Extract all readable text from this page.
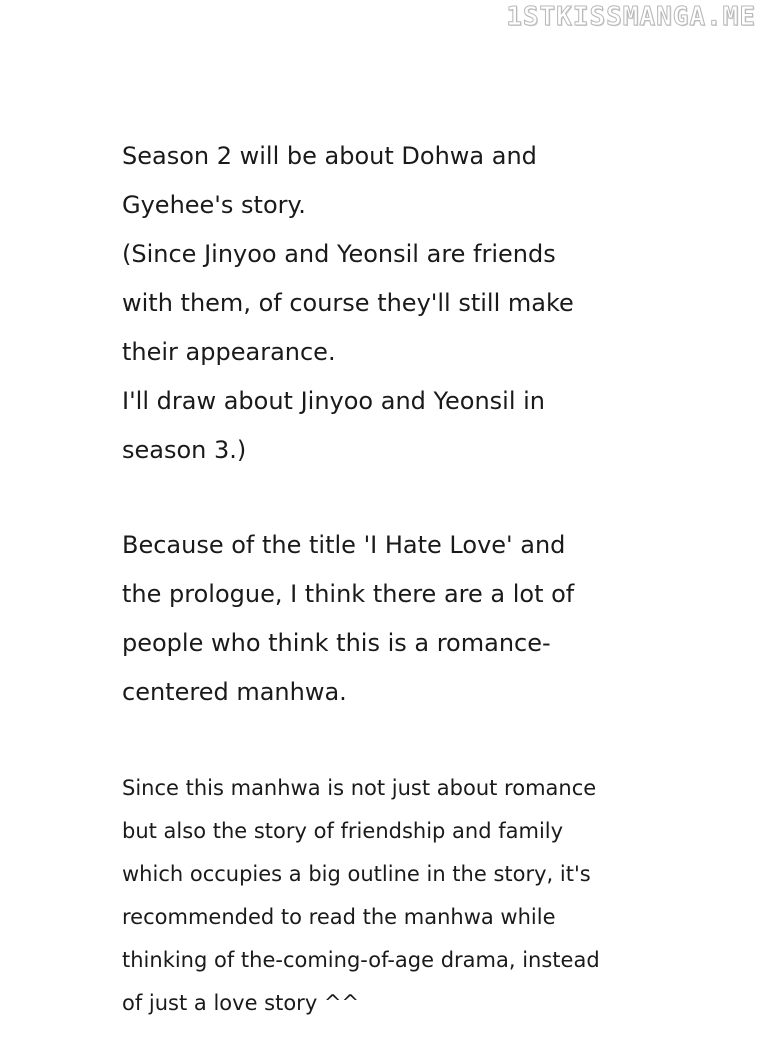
1STKISSMANGA.ME

Season 2 will be about Dohwa and
Gyehee's story.
(Since Jinyoo and Yeonsil are friends
with them, of course they'll still make
their appearance.
I'll draw about Jinyoo and Yeonsil in
season 3.)

Because of the title 'I Hate Love' and
the prologue, I think there are a lot of
people who think this is a romance-
centered manhwa.

Since this manhwa is not just about romance
but also the story of friendship and family
which occupies a big outline in the story, it's
recommended to read the manhwa while
thinking of the-coming-of-age drama, instead
of just a love story ^^
